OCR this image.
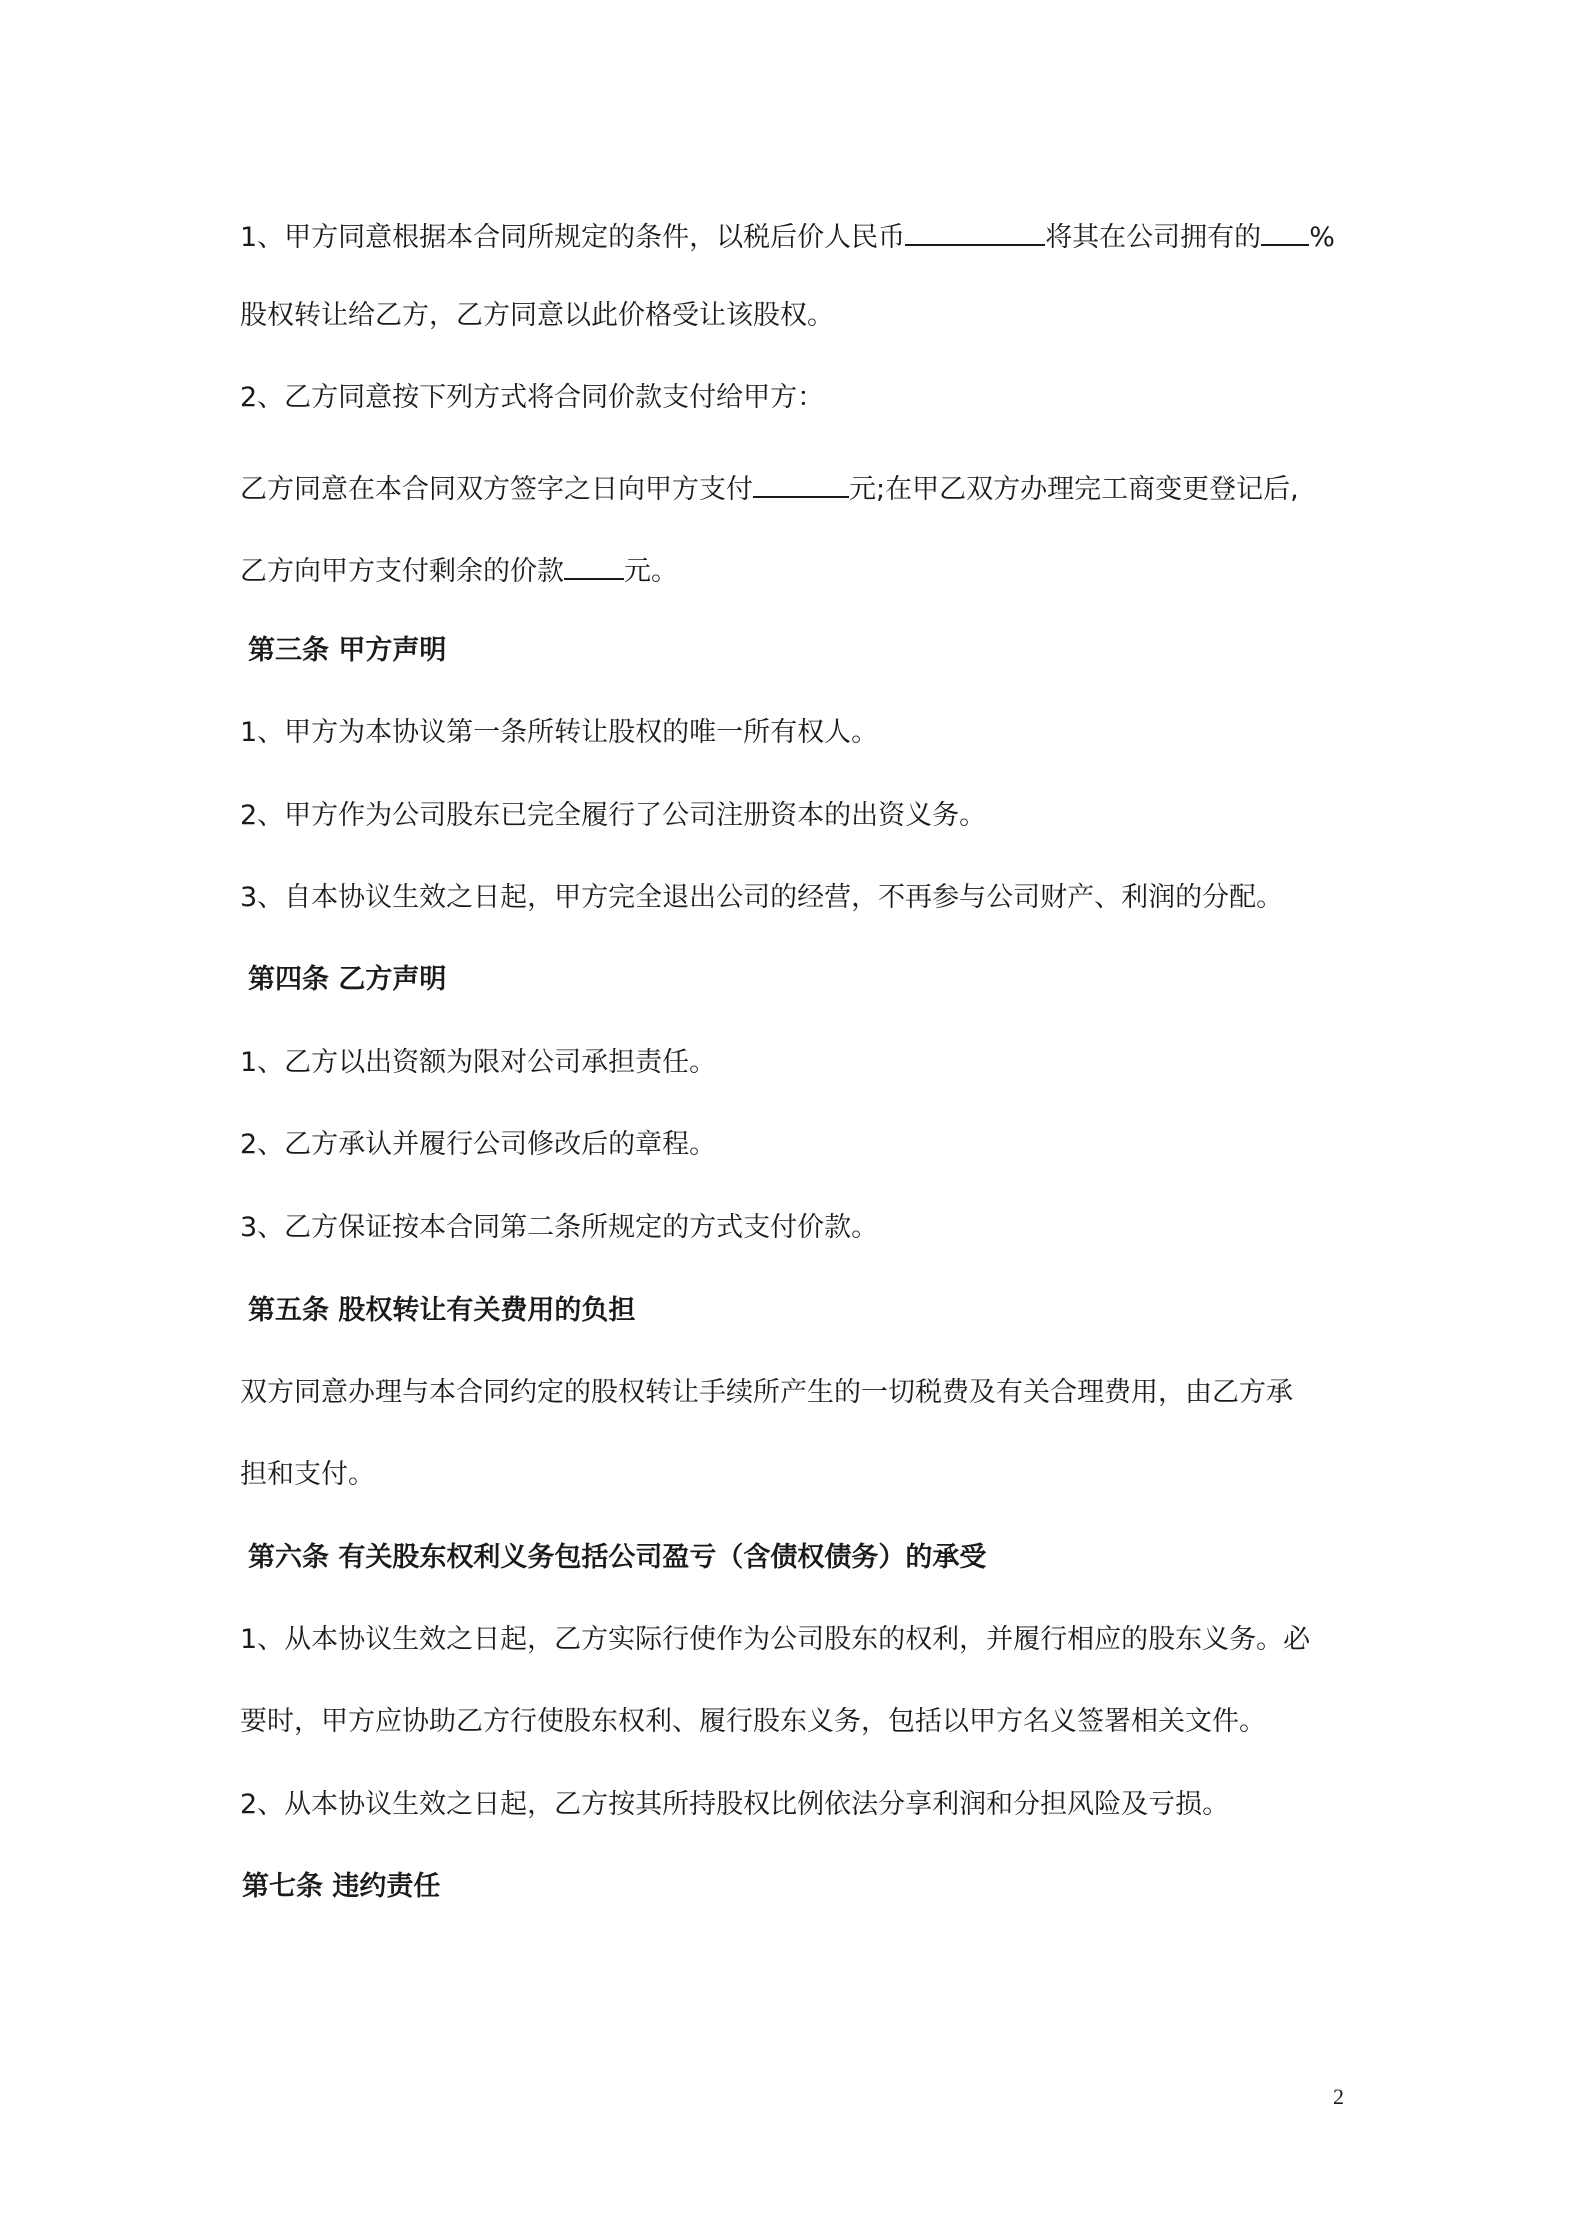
1、甲方同意根据本合同所规定的条件，以税后价人民币	将其在公司拥有的 %
股权转让给乙方，乙方同意以此价格受让该股权。
2、乙方同意按下列方式将合同价款支付给甲方：
乙方同意在本合同双方签字之日向甲方支付	元;在甲乙双方办理完工商变更登记后,
乙方向甲方支付剩余的价款 元。
第三条 甲方声明
1、甲方为本协议第一条所转让股权的唯一所有权人。
2、甲方作为公司股东已完全履行了公司注册资本的出资义务。
3、自本协议生效之日起，甲方完全退出公司的经营，不再参与公司财产、利润的分配。
第四条 乙方声明
1、乙方以出资额为限对公司承担责任。
2、乙方承认并履行公司修改后的章程。
3、乙方保证按本合同第二条所规定的方式支付价款。
第五条 股权转让有关费用的负担
双方同意办理与本合同约定的股权转让手续所产生的一切税费及有关合理费用，由乙方承
担和支付。
第六条 有关股东权利义务包括公司盈亏（含债权债务）的承受
1、从本协议生效之日起，乙方实际行使作为公司股东的权利，并履行相应的股东义务。必
要时，甲方应协助乙方行使股东权利、履行股东义务，包括以甲方名义签署相关文件。
2、从本协议生效之日起，乙方按其所持股权比例依法分享利润和分担风险及亏损。
第七条 违约责任
2
